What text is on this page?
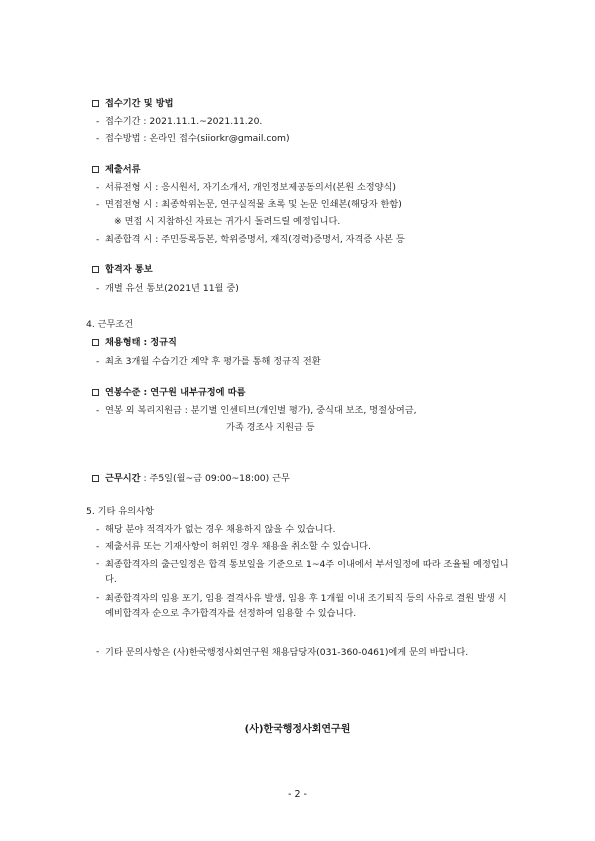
접수기간 및 방법
- 접수기간 : 2021.11.1.~2021.11.20.
- 접수방법 : 온라인 접수(siiorkr@gmail.com)
제출서류
- 서류전형 시 : 응시원서, 자기소개서, 개인정보제공동의서(본원 소정양식)
- 면접전형 시 : 최종학위논문, 연구실적물 초록 및 논문 인쇄본(해당자 한함)
※ 면접 시 지참하신 자료는 귀가시 돌려드릴 예정입니다.
- 최종합격 시 : 주민등록등본, 학위증명서, 재직(경력)증명서, 자격증 사본 등
합격자 통보
- 개별 유선 통보(2021년 11월 중)
4. 근무조건
채용형태 : 정규직
- 최초 3개월 수습기간 계약 후 평가를 통해 정규직 전환
연봉수준 : 연구원 내부규정에 따름
- 연봉 외 복리지원금 : 분기별 인센티브(개인별 평가), 중식대 보조, 명절상여금,
가족 경조사 지원금 등
근무시간 : 주5일(월~금 09:00~18:00) 근무
5. 기타 유의사항
- 해당 분야 적격자가 없는 경우 채용하지 않을 수 있습니다.
- 제출서류 또는 기재사항이 허위인 경우 채용을 취소할 수 있습니다.
- 최종합격자의 출근일정은 합격 통보일을 기준으로 1~4주 이내에서 부서일정에 따라 조율될 예정입니다.
- 최종합격자의 임용 포기, 임용 결격사유 발생, 임용 후 1개월 이내 조기퇴직 등의 사유로 결원 발생 시 예비합격자 순으로 추가합격자를 선정하여 임용할 수 있습니다.
- 기타 문의사항은 (사)한국행정사회연구원 채용담당자(031-360-0461)에게 문의 바랍니다.
(사)한국행정사회연구원
- 2 -
